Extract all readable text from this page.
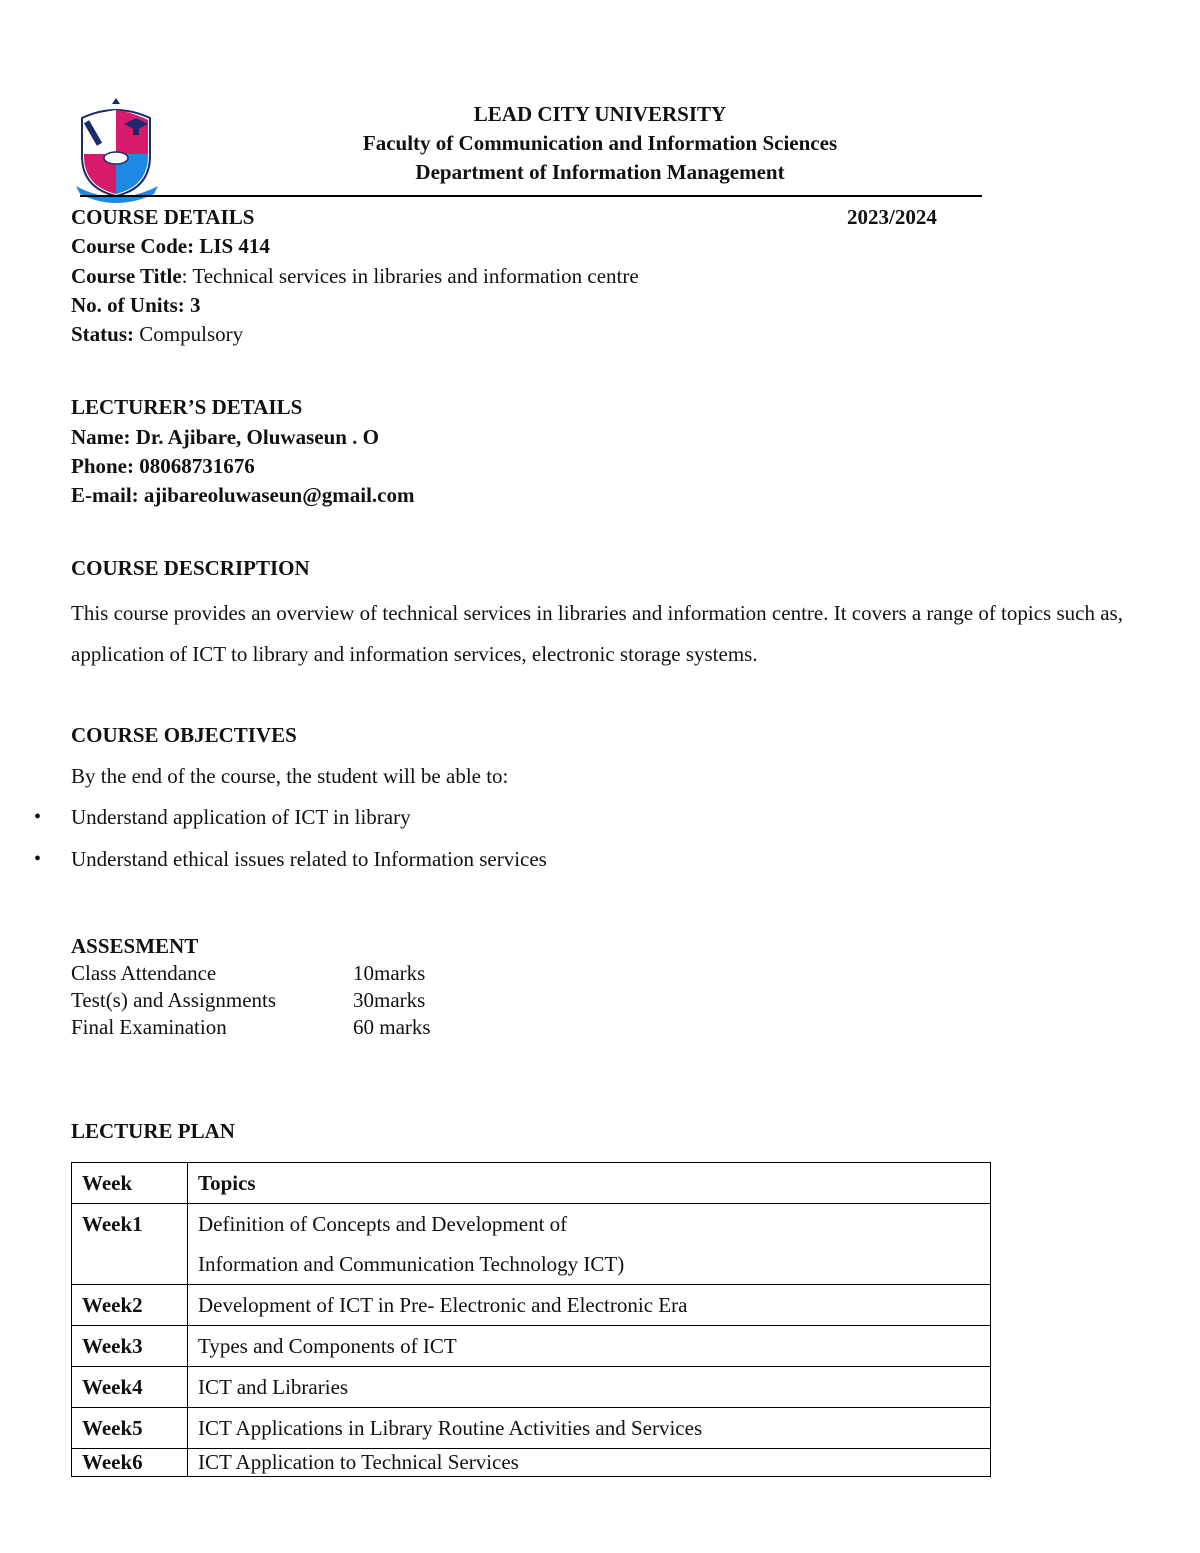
LEAD CITY UNIVERSITY
Faculty of Communication and Information Sciences
Department of Information Management
COURSE DETAILS	2023/2024
Course Code: LIS 414
Course Title: Technical services in libraries and information centre
No. of Units: 3
Status: Compulsory
LECTURER’S DETAILS
Name: Dr. Ajibare, Oluwaseun . O
Phone: 08068731676
E-mail: ajibareoluwaseun@gmail.com
COURSE DESCRIPTION
This course provides an overview of technical services in libraries and information centre. It covers a range of topics such as, application of ICT to library and information services, electronic storage systems.
COURSE OBJECTIVES
By the end of the course, the student will be able to:
• Understand application of ICT in library
• Understand ethical issues related to Information services
ASSESMENT
Class Attendance	10marks
Test(s) and Assignments	30marks
Final Examination	60 marks
LECTURE PLAN
Week	Topics
Week1	Definition of Concepts and Development of
Information and Communication Technology ICT)

Week2	Development of ICT in Pre- Electronic and Electronic Era
Week3	Types and Components of ICT
Week4	ICT and Libraries
Week5	ICT Applications in Library Routine Activities and Services
Week6	ICT Application to Technical Services
